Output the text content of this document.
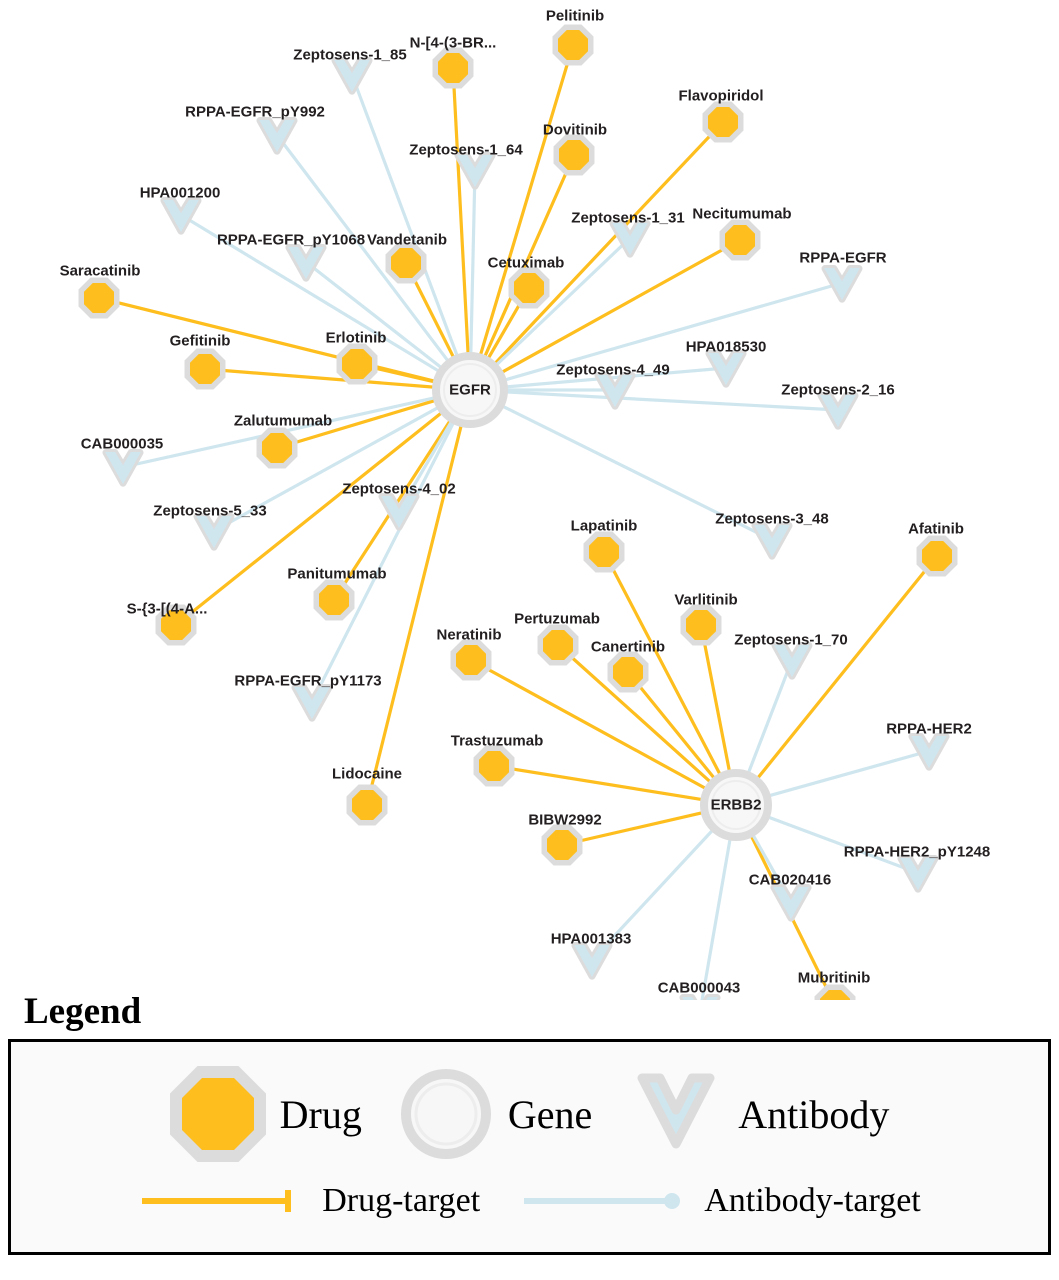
Zeptosens-1_85
RPPA-EGFR_pY992
Zeptosens-1_64
HPA001200
Zeptosens-1_31
RPPA-EGFR_pY1068
RPPA-EGFR
HPA018530
Zeptosens-4_49
Zeptosens-2_16
CAB000035
Zeptosens-4_02
Zeptosens-5_33	Zeptosens-3_48
Zeptosens-1_70
RPPA-EGFR_pY1173
RPPA-HER2
RPPA-HER2_pY1248
CAB020416
HPA001383
CAB000043
Pelitinib
N-[4-(3-BR...
Flavopiridol
Dovitinib
Necitumumab
Vandetanib
Cetuximab
Saracatinib
Gefitinib	Erlotinib
Zalutumumab
Lapatinib	Afatinib
Varlitinib
Panitumumab
S-{3-[(4-A...
Pertuzumab
Neratinib
Canertinib
Trastuzumab
Lidocaine
BIBW2992
Mubritinib
EGFR
ERBB2
Legend
Drug	Gene	Antibody
Drug-target	Antibody-target
